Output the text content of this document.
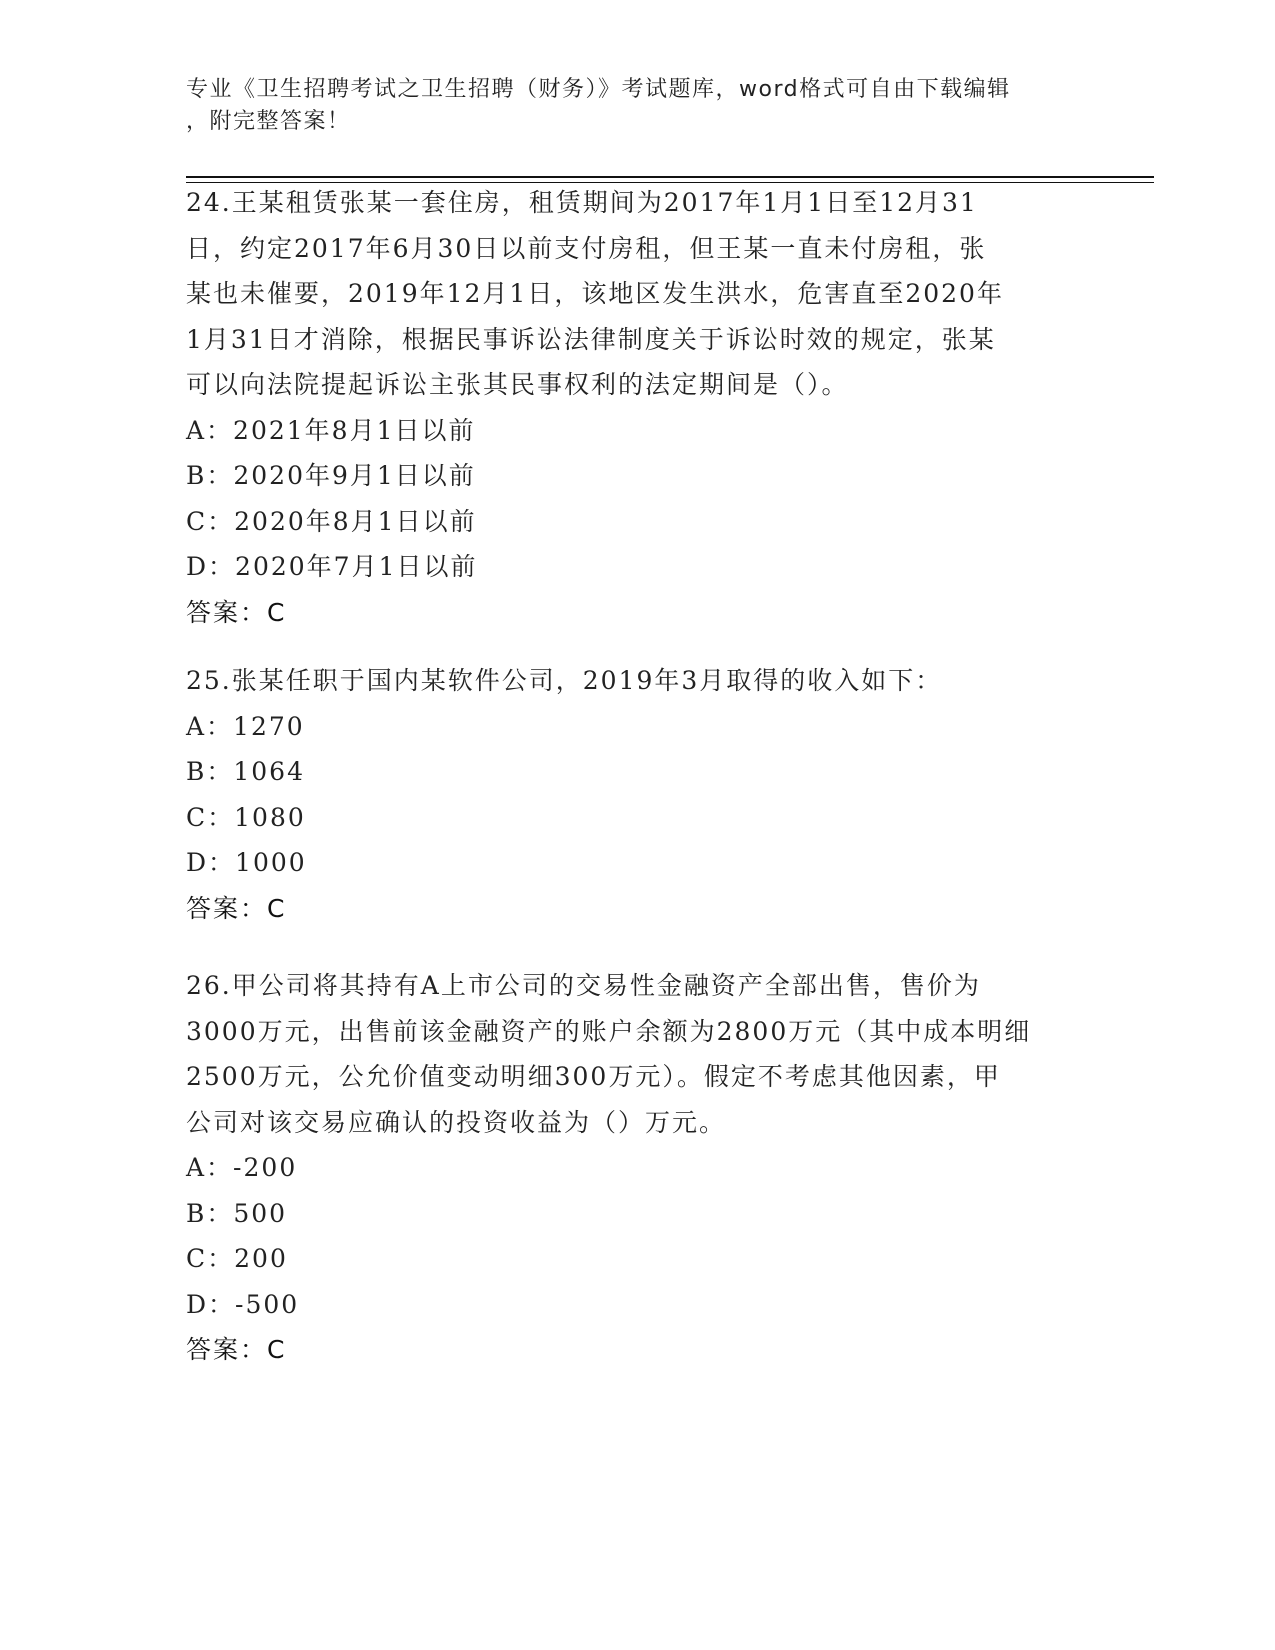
专业《卫生招聘考试之卫生招聘（财务）》考试题库，word格式可自由下载编辑
，附完整答案！

24.王某租赁张某一套住房，租赁期间为2017年1月1日至12月31

日，约定2017年6月30日以前支付房租，但王某一直未付房租，张

某也未催要，2019年12月1日，该地区发生洪水，危害直至2020年

1月31日才消除，根据民事诉讼法律制度关于诉讼时效的规定，张某

可以向法院提起诉讼主张其民事权利的法定期间是（）。

A：2021年8月1日以前

B：2020年9月1日以前

C：2020年8月1日以前

D：2020年7月1日以前

答案：C

25.张某任职于国内某软件公司，2019年3月取得的收入如下：

A：1270

B：1064

C：1080

D：1000

答案：C

26.甲公司将其持有A上市公司的交易性金融资产全部出售，售价为

3000万元，出售前该金融资产的账户余额为2800万元（其中成本明细

2500万元，公允价值变动明细300万元）。假定不考虑其他因素，甲

公司对该交易应确认的投资收益为（）万元。

A：-200

B：500

C：200

D：-500

答案：C
